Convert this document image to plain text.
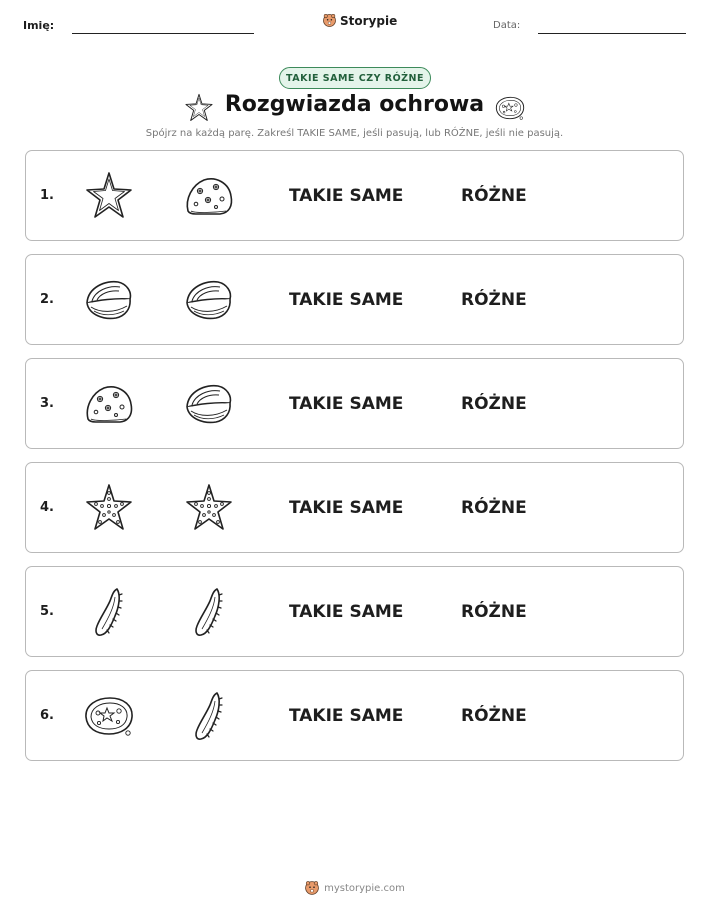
Imię:	Storypie	Data:
TAKIE SAME CZY RÓŻNE
Rozgwiazda ochrowa
Spójrz na każdą parę. Zakreśl TAKIE SAME, jeśli pasują, lub RÓŻNE, jeśli nie pasują.
1.	TAKIE SAME	RÓŻNE
2.	TAKIE SAME	RÓŻNE
3.	TAKIE SAME	RÓŻNE
4.	TAKIE SAME	RÓŻNE
5.	TAKIE SAME	RÓŻNE
6.	TAKIE SAME	RÓŻNE
mystorypie.com
